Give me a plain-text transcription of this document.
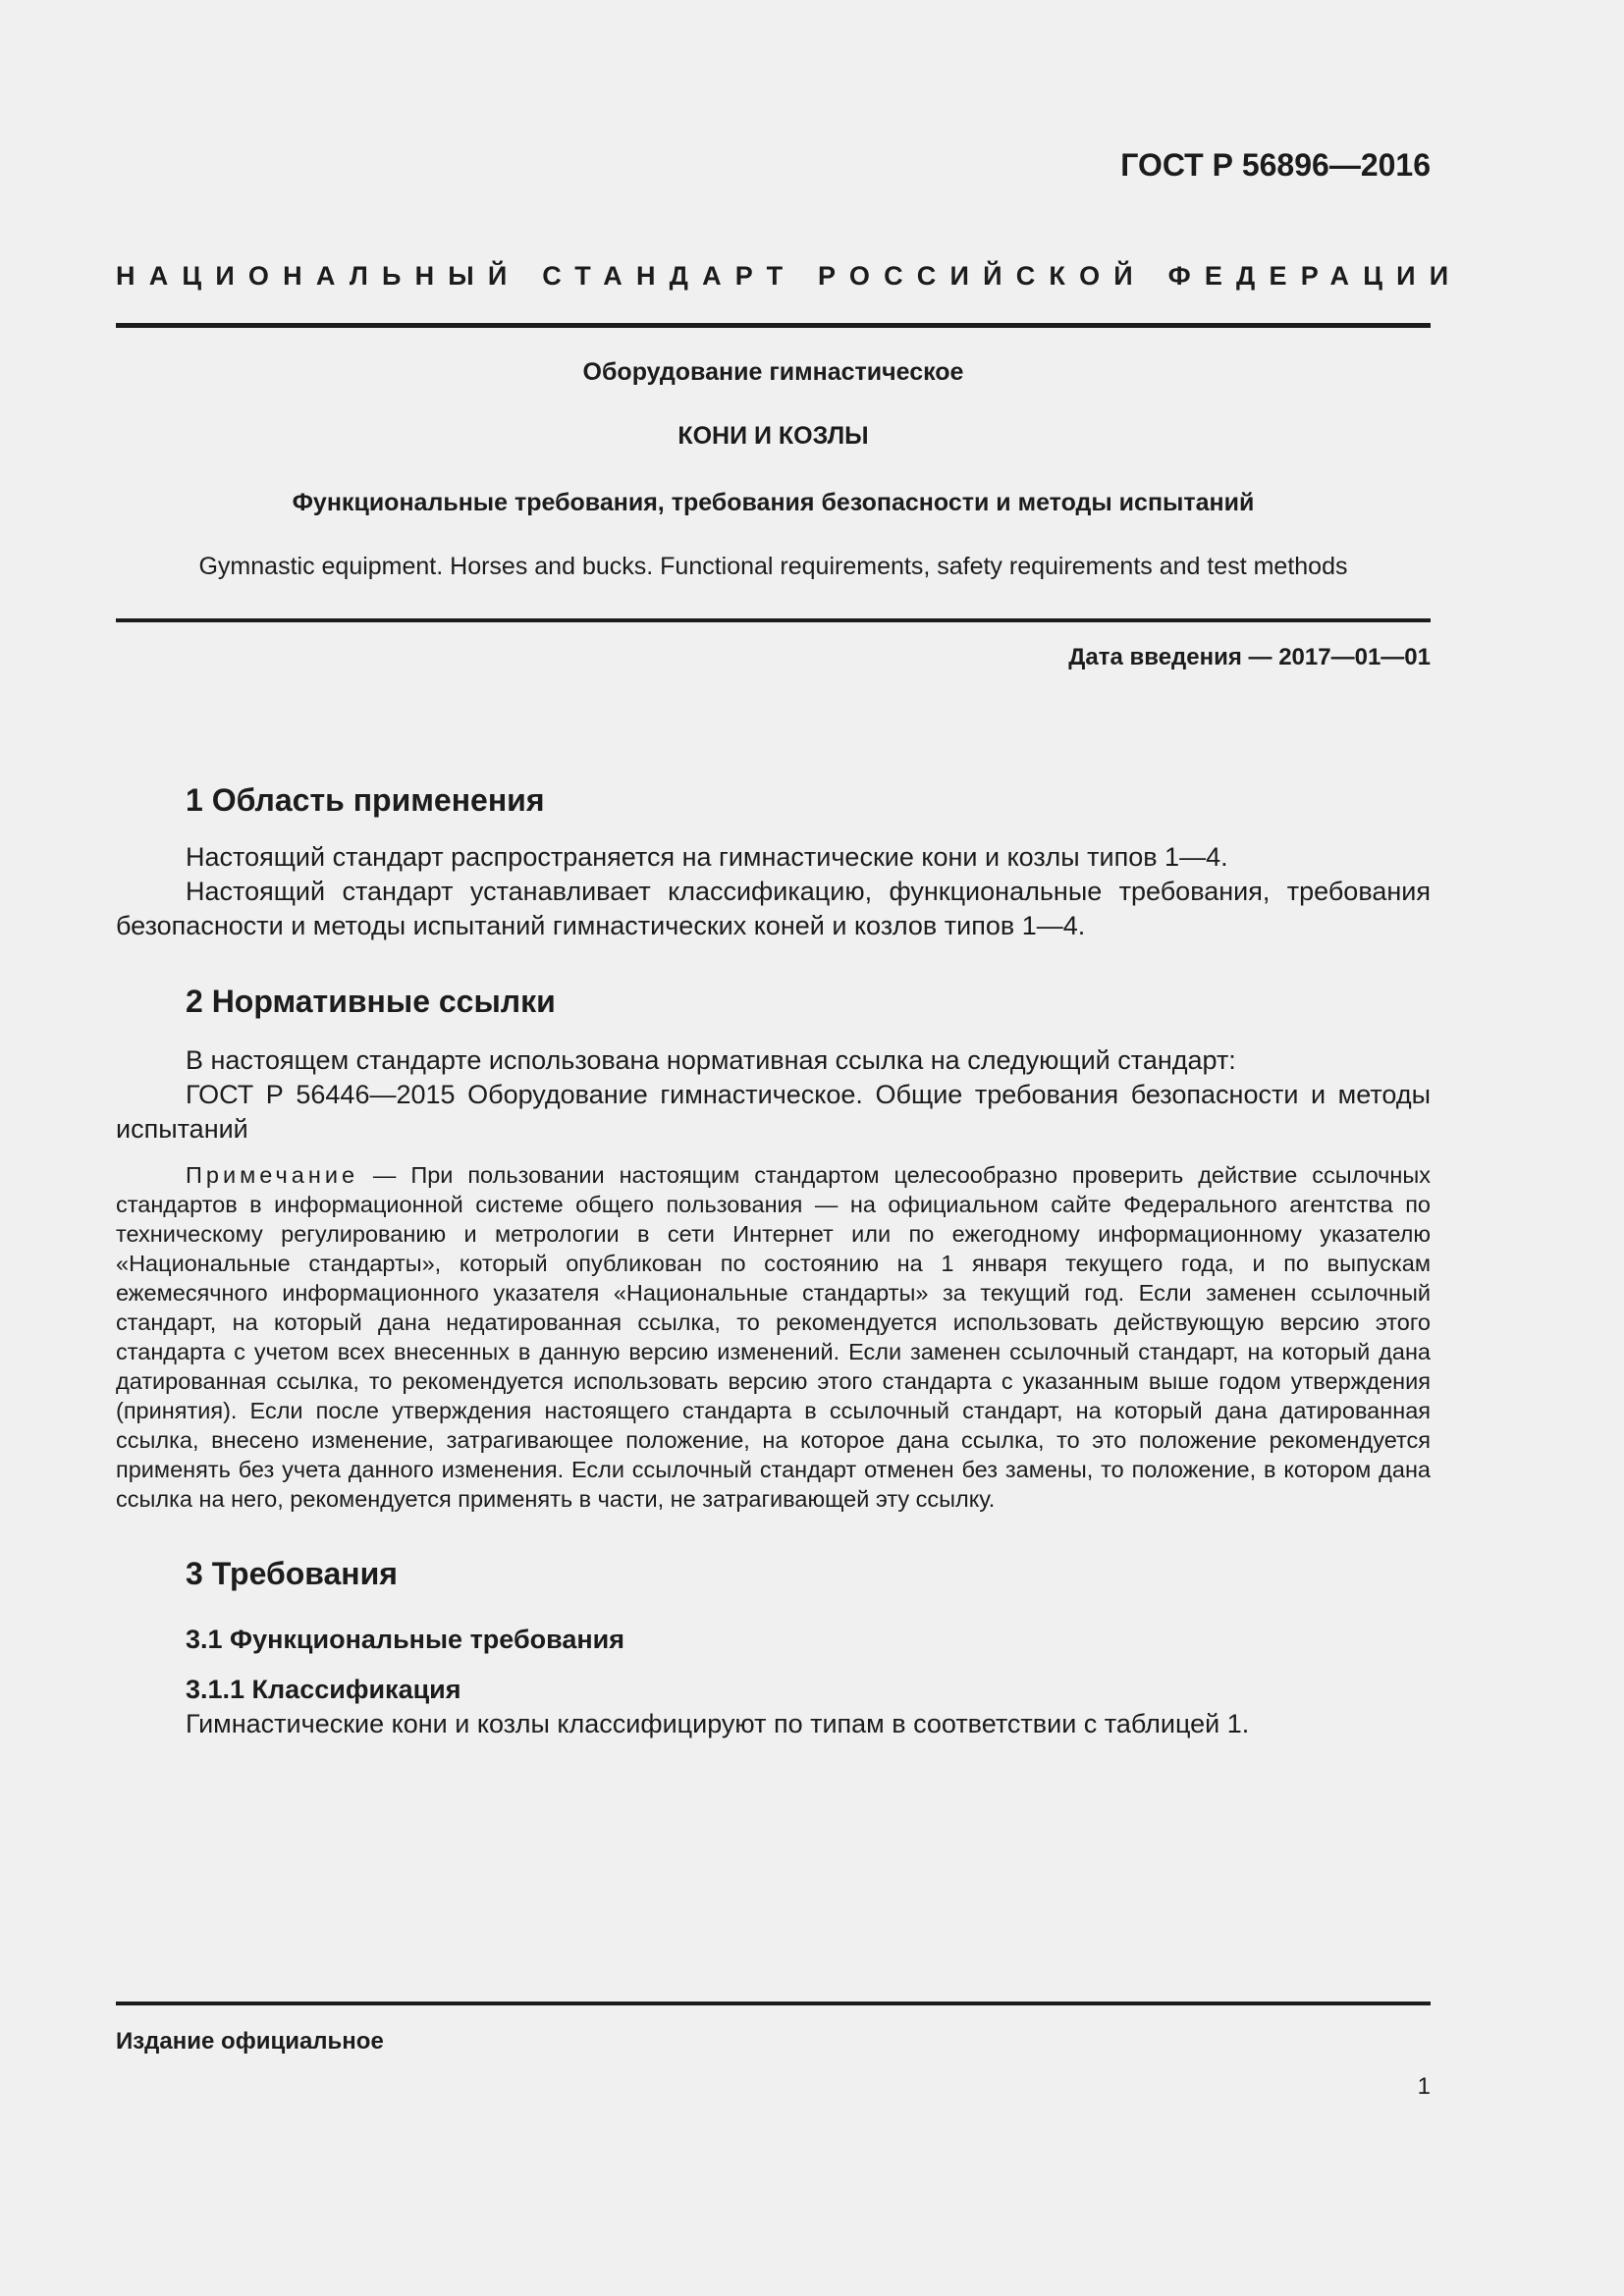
ГОСТ Р 56896—2016
НАЦИОНАЛЬНЫЙ СТАНДАРТ РОССИЙСКОЙ ФЕДЕРАЦИИ
Оборудование гимнастическое
КОНИ И КОЗЛЫ
Функциональные требования, требования безопасности и методы испытаний
Gymnastic equipment. Horses and bucks. Functional requirements, safety requirements and test methods
Дата введения — 2017—01—01
1 Область применения

Настоящий стандарт распространяется на гимнастические кони и козлы типов 1—4.

Настоящий стандарт устанавливает классификацию, функциональные требования, требования безопасности и методы испытаний гимнастических коней и козлов типов 1—4.

2 Нормативные ссылки

В настоящем стандарте использована нормативная ссылка на следующий стандарт:

ГОСТ Р 56446—2015 Оборудование гимнастическое. Общие требования безопасности и методы испытаний

Примечание — При пользовании настоящим стандартом целесообразно проверить действие ссылочных стандартов в информационной системе общего пользования — на официальном сайте Федерального агентства по техническому регулированию и метрологии в сети Интернет или по ежегодному информационному указателю «Национальные стандарты», который опубликован по состоянию на 1 января текущего года, и по выпускам ежемесячного информационного указателя «Национальные стандарты» за текущий год. Если заменен ссылочный стандарт, на который дана недатированная ссылка, то рекомендуется использовать действующую версию этого стандарта с учетом всех внесенных в данную версию изменений. Если заменен ссылочный стандарт, на который дана датированная ссылка, то рекомендуется использовать версию этого стандарта с указанным выше годом утверждения (принятия). Если после утверждения настоящего стандарта в ссылочный стандарт, на который дана датированная ссылка, внесено изменение, затрагивающее положение, на которое дана ссылка, то это положение рекомендуется применять без учета данного изменения. Если ссылочный стандарт отменен без замены, то положение, в котором дана ссылка на него, рекомендуется применять в части, не затрагивающей эту ссылку.

3 Требования
3.1 Функциональные требования
3.1.1 Классификация

Гимнастические кони и козлы классифицируют по типам в соответствии с таблицей 1.

Издание официальное
1
